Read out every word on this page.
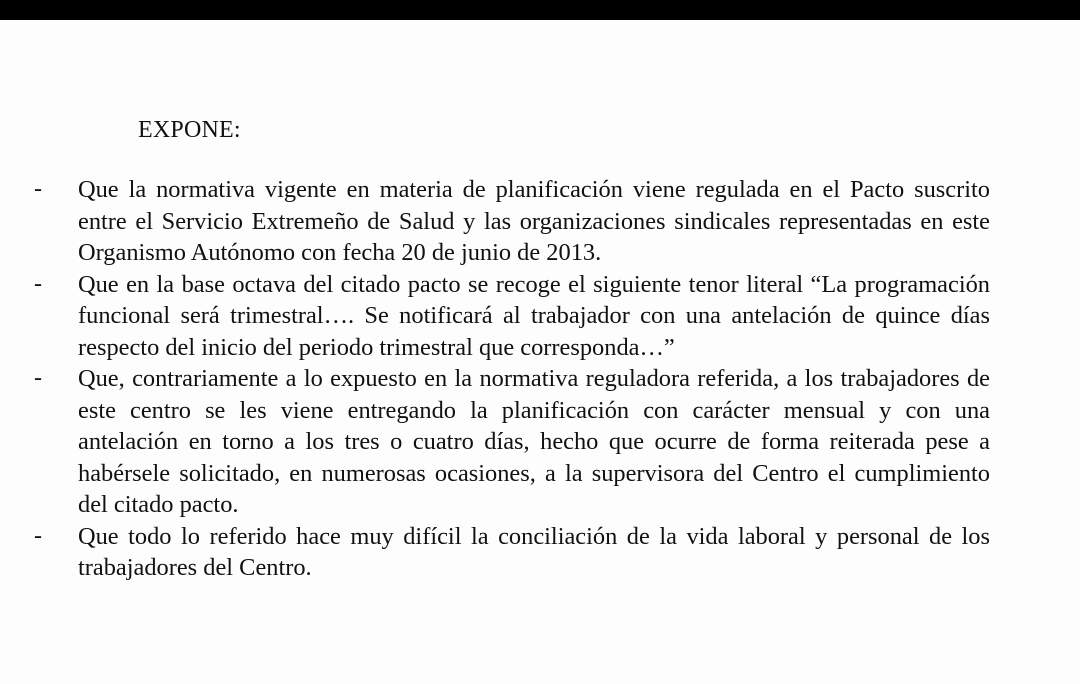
EXPONE:
- Que la normativa vigente en materia de planificación viene regulada en el Pacto suscrito entre el Servicio Extremeño de Salud y las organizaciones sindicales representadas en este Organismo Autónomo con fecha 20 de junio de 2013.

- Que en la base octava del citado pacto se recoge el siguiente tenor literal “La programación funcional será trimestral…. Se notificará al trabajador con una antelación de quince días respecto del inicio del periodo trimestral que corresponda…”

- Que, contrariamente a lo expuesto en la normativa reguladora referida, a los trabajadores de este centro se les viene entregando la planificación con carácter mensual y con una antelación en torno a los tres o cuatro días, hecho que ocurre de forma reiterada pese a habérsele solicitado, en numerosas ocasiones, a la supervisora del Centro el cumplimiento del citado pacto.

- Que todo lo referido hace muy difícil la conciliación de la vida laboral y personal de los trabajadores del Centro.
